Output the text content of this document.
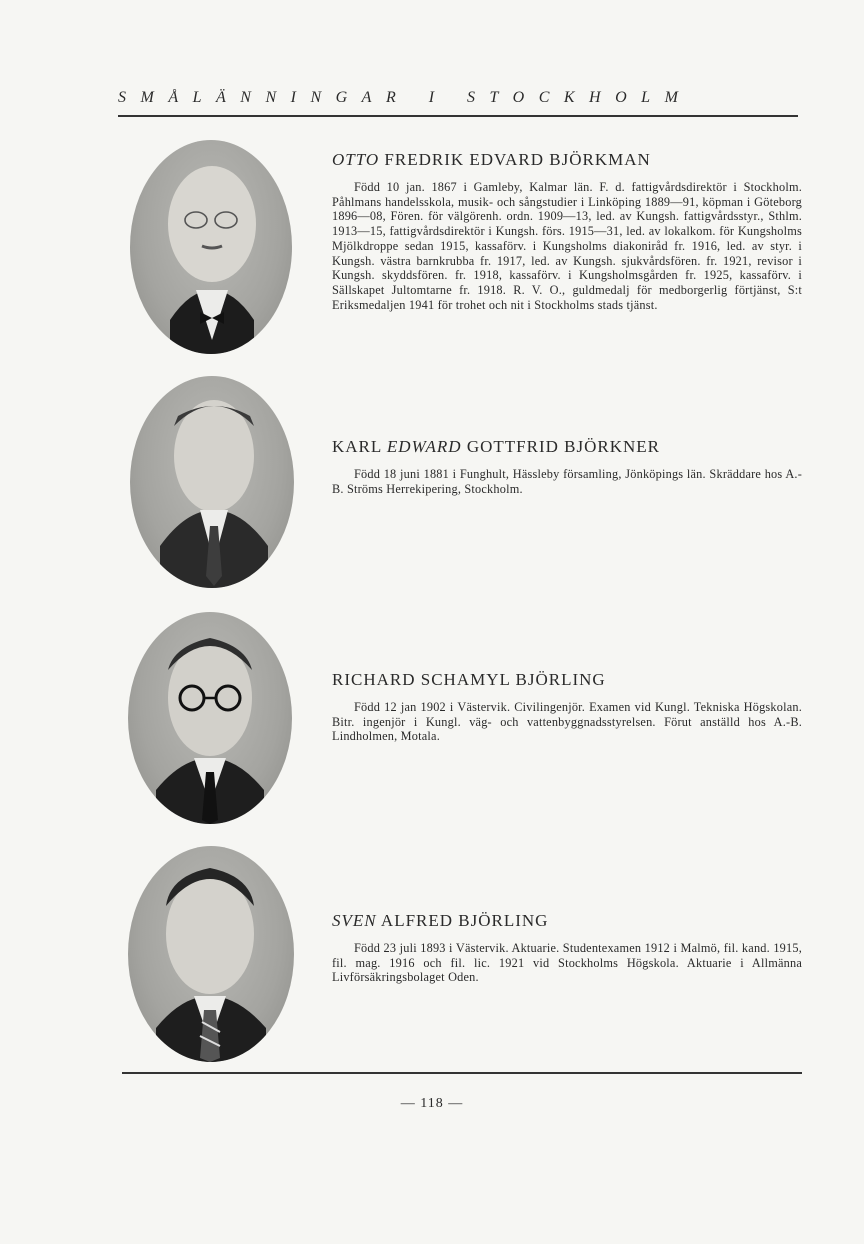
SMÅLÄNNINGAR I STOCKHOLM
OTTO FREDRIK EDVARD BJÖRKMAN

Född 10 jan. 1867 i Gamleby, Kalmar län. F. d. fattigvårdsdirektör i Stockholm. Påhlmans handelsskola, musik- och sångstudier i Linköping 1889—91, köpman i Göteborg 1896—08, Fören. för välgörenh. ordn. 1909—13, led. av Kungsh. fattigvårdsstyr., Sthlm. 1913—15, fattigvårdsdirektör i Kungsh. förs. 1915—31, led. av lokalkom. för Kungsholms Mjölkdroppe sedan 1915, kassaförv. i Kungsholms diakoniråd fr. 1916, led. av styr. i Kungsh. västra barnkrubba fr. 1917, led. av Kungsh. sjukvårdsfören. fr. 1921, revisor i Kungsh. skyddsfören. fr. 1918, kassaförv. i Kungsholmsgården fr. 1925, kassaförv. i Sällskapet Jultomtarne fr. 1918. R. V. O., guldmedalj för medborgerlig förtjänst, S:t Eriksmedaljen 1941 för trohet och nit i Stockholms stads tjänst.

KARL EDWARD GOTTFRID BJÖRKNER

Född 18 juni 1881 i Funghult, Hässleby församling, Jönköpings län. Skräddare hos A.-B. Ströms Herrekipering, Stockholm.

RICHARD SCHAMYL BJÖRLING

Född 12 jan 1902 i Västervik. Civilingenjör. Examen vid Kungl. Tekniska Högskolan. Bitr. ingenjör i Kungl. väg- och vattenbyggnadsstyrelsen. Förut anställd hos A.-B. Lindholmen, Motala.

SVEN ALFRED BJÖRLING

Född 23 juli 1893 i Västervik. Aktuarie. Studentexamen 1912 i Malmö, fil. kand. 1915, fil. mag. 1916 och fil. lic. 1921 vid Stockholms Högskola. Aktuarie i Allmänna Livförsäkringsbolaget Oden.

— 118 —
